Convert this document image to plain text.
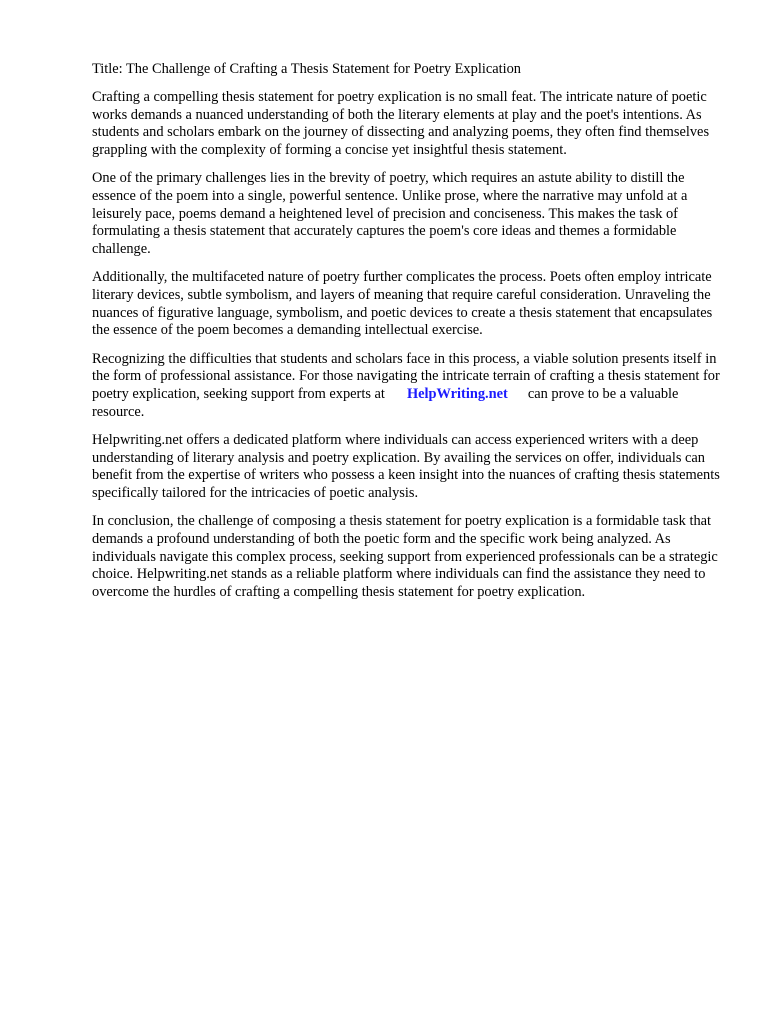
Title: The Challenge of Crafting a Thesis Statement for Poetry Explication

Crafting a compelling thesis statement for poetry explication is no small feat. The intricate nature of poetic works demands a nuanced understanding of both the literary elements at play and the poet's intentions. As students and scholars embark on the journey of dissecting and analyzing poems, they often find themselves grappling with the complexity of forming a concise yet insightful thesis statement.

One of the primary challenges lies in the brevity of poetry, which requires an astute ability to distill the essence of the poem into a single, powerful sentence. Unlike prose, where the narrative may unfold at a leisurely pace, poems demand a heightened level of precision and conciseness. This makes the task of formulating a thesis statement that accurately captures the poem's core ideas and themes a formidable challenge.

Additionally, the multifaceted nature of poetry further complicates the process. Poets often employ intricate literary devices, subtle symbolism, and layers of meaning that require careful consideration. Unraveling the nuances of figurative language, symbolism, and poetic devices to create a thesis statement that encapsulates the essence of the poem becomes a demanding intellectual exercise.

Recognizing the difficulties that students and scholars face in this process, a viable solution presents itself in the form of professional assistance. For those navigating the intricate terrain of crafting a thesis statement for poetry explication, seeking support from experts at HelpWriting.net can prove to be a valuable resource.

Helpwriting.net offers a dedicated platform where individuals can access experienced writers with a deep understanding of literary analysis and poetry explication. By availing the services on offer, individuals can benefit from the expertise of writers who possess a keen insight into the nuances of crafting thesis statements specifically tailored for the intricacies of poetic analysis.

In conclusion, the challenge of composing a thesis statement for poetry explication is a formidable task that demands a profound understanding of both the poetic form and the specific work being analyzed. As individuals navigate this complex process, seeking support from experienced professionals can be a strategic choice. Helpwriting.net stands as a reliable platform where individuals can find the assistance they need to overcome the hurdles of crafting a compelling thesis statement for poetry explication.
